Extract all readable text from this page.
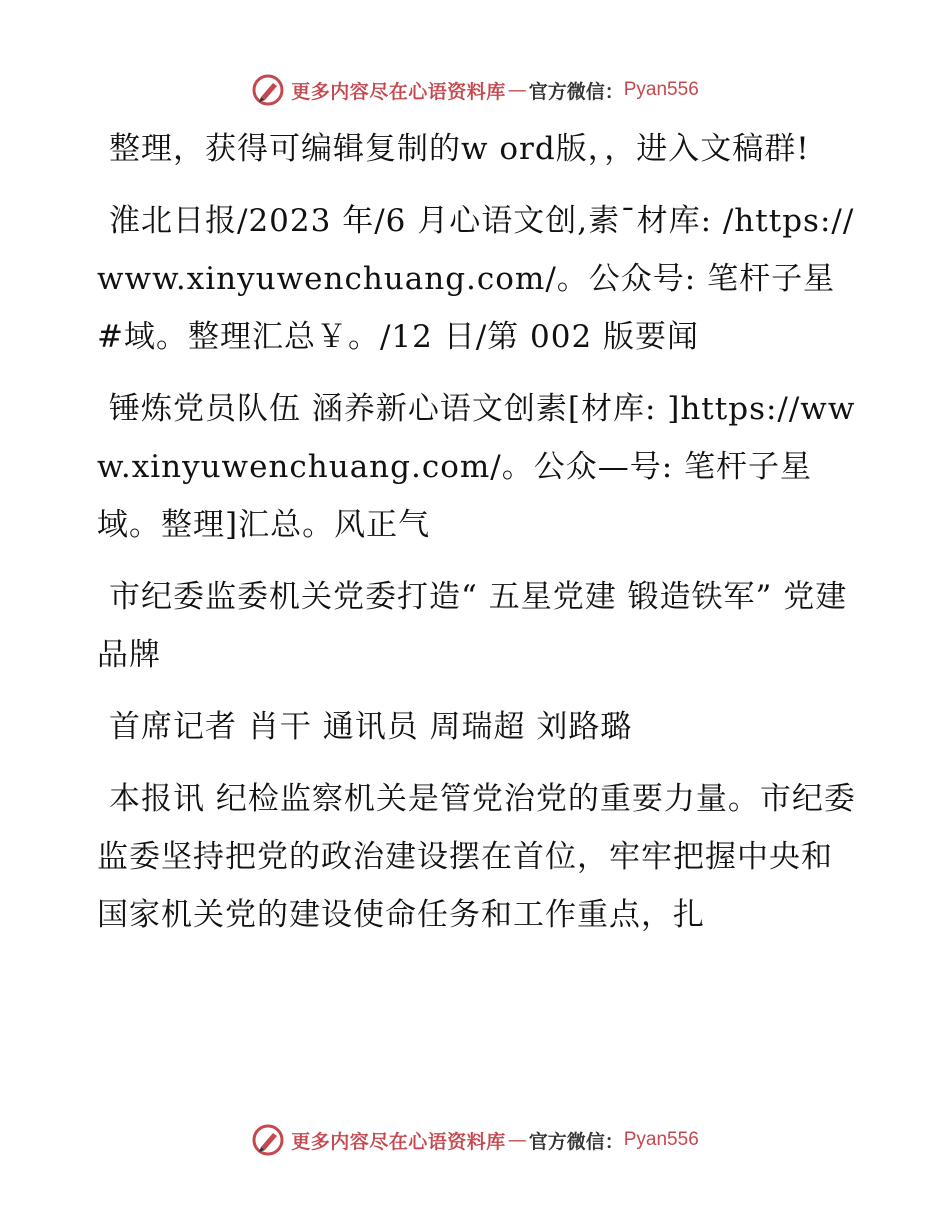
更多内容尽在心语资料库 — 官方微信： Pyan556

整理，获得可编辑复制的w ord版，，进入文稿群!

淮北日报/2023 年/6 月心语文创,素¯材库: /https://www.xinyuwenchuang.com/。公众号: 笔杆子星#域。整理汇总￥。/12 日/第 002 版要闻

锤炼党员队伍 涵养新心语文创素[材库: ]https://www.xinyuwenchuang.com/。公众—号: 笔杆子星域。整理]汇总。风正气

市纪委监委机关党委打造“ 五星党建 锻造铁军” 党建品牌

首席记者 肖干 通讯员 周瑞超 刘路璐

本报讯 纪检监察机关是管党治党的重要力量。市纪委监委坚持把党的政治建设摆在首位，牢牢把握中央和国家机关党的建设使命任务和工作重点，扎

更多内容尽在心语资料库 — 官方微信： Pyan556
